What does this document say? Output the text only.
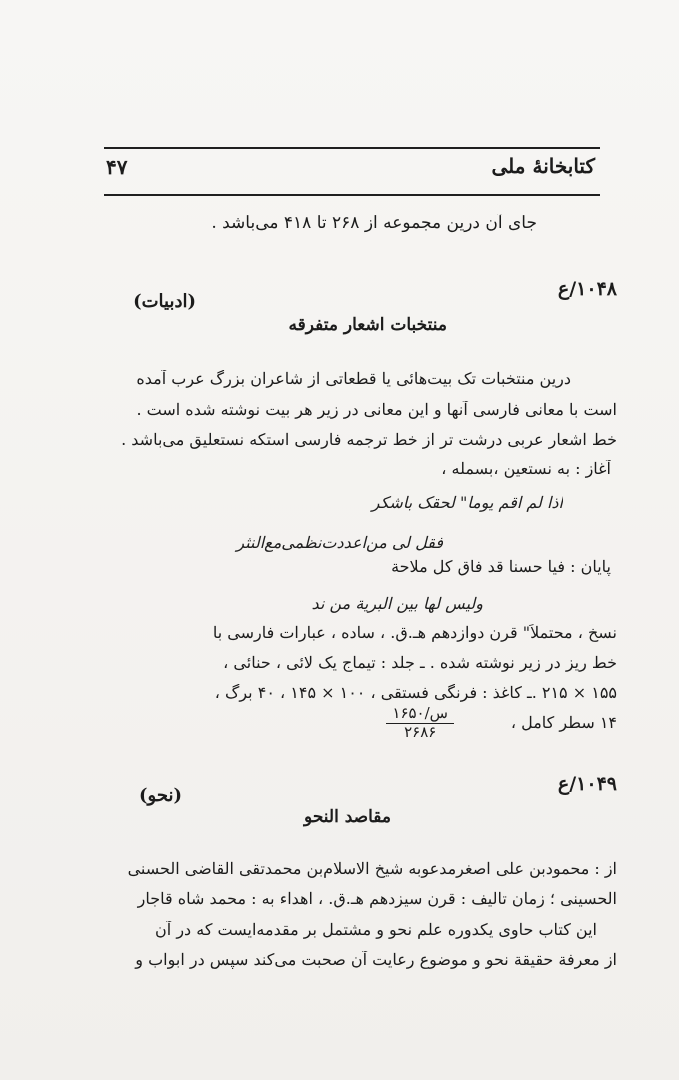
کتابخانهٔ ملی
۴۷
جای آن درین مجموعه از ۲۶۸ تا ۴۱۸ می‌باشد .
۱۰۴۸/ع
(ادبیات)
منتخبات اشعار متفرقه
درین منتخبات تک بیت‌هائی یا قطعاتی از شاعران بزرگ عرب آمده
است با معانی فارسی آنها و این معانی در زیر هر بیت نوشته شده است .
خط اشعار عربی درشت تر از خط ترجمه فارسی استکه نستعلیق می‌باشد .
آغاز : به نستعین ،بسمله ،
اذا لم اقم یوما" لحقک باشکر
فقل لی من‌اعددت‌نظمی‌مع‌النثر
پایان : فیا حسنا قد فاق کل ملاحة
ولیس لها بین البریة من ند
نسخ ، محتملاً" قرن دوازدهم هـ.ق. ، ساده ، عبارات فارسی با
خط ریز در زیر نوشته شده . ـ جلد : تیماج یک لائی ، حنائی ،
۱۵۵ × ۲۱۵ .ـ کاغذ : فرنگی فستقی ، ۱۰۰ × ۱۴۵ ، ۴۰ برگ ،
۱۴ سطر کامل ،
س/۱۶۵۰
۲۶۸۶
۱۰۴۹/ع
(نحو)
مقاصد النحو
از : محمودبن علی اصغرمدعوبه شیخ الاسلام‌بن محمدتقی القاضی الحسنی
الحسینی ؛ زمان تالیف : قرن سیزدهم هـ.ق. ، اهداء به : محمد شاه قاجار
این کتاب حاوی یکدوره علم نحو و مشتمل بر مقدمه‌ایست که در آن
از معرفة حقیقة نحو و موضوع رعایت آن صحبت می‌کند سپس در ابواب و
